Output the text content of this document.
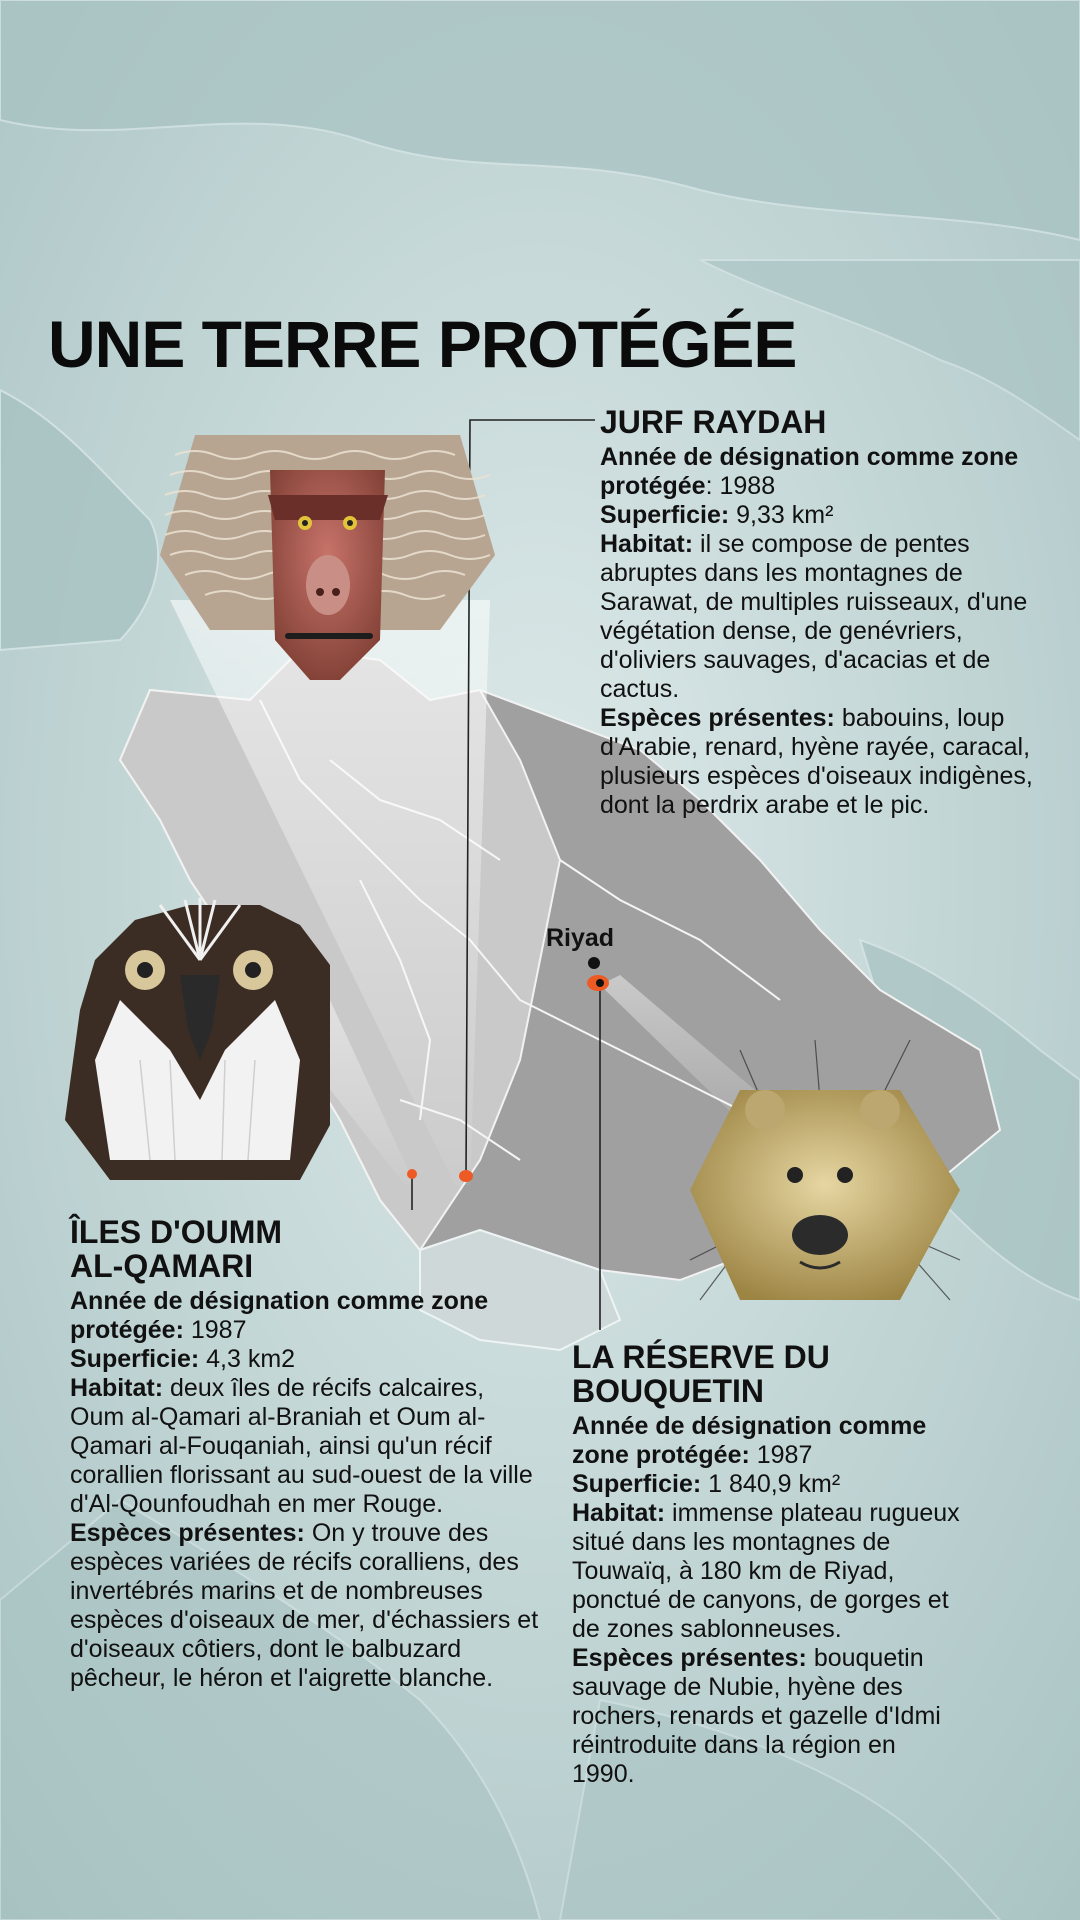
UNE TERRE PROTÉGÉE
Riyad
JURF RAYDAH
Année de désignation comme zone protégée: 1988
Superficie: 9,33 km²
Habitat: il se compose de pentes abruptes dans les montagnes de Sarawat, de multiples ruisseaux, d'une végétation dense, de genévriers, d'oliviers sauvages, d'acacias et de cactus.
Espèces présentes: babouins, loup d'Arabie, renard, hyène rayée, caracal, plusieurs espèces d'oiseaux indigènes, dont la perdrix arabe et le pic.
ÎLES D'OUMM
AL-QAMARI
Année de désignation comme zone protégée: 1987
Superficie: 4,3 km2
Habitat: deux îles de récifs calcaires, Oum al-Qamari al-Braniah et Oum al-Qamari al-Fouqaniah, ainsi qu'un récif corallien florissant au sud-ouest de la ville d'Al-Qounfoudhah en mer Rouge.
Espèces présentes: On y trouve des espèces variées de récifs coralliens, des invertébrés marins et de nombreuses espèces d'oiseaux de mer, d'échassiers et d'oiseaux côtiers, dont le balbuzard pêcheur, le héron et l'aigrette blanche.
LA RÉSERVE DU
BOUQUETIN
Année de désignation comme zone protégée: 1987
Superficie: 1 840,9 km²
Habitat: immense plateau rugueux situé dans les montagnes de Touwaïq, à 180 km de Riyad, ponctué de canyons, de gorges et de zones sablonneuses.
Espèces présentes: bouquetin sauvage de Nubie, hyène des rochers, renards et gazelle d'Idmi réintroduite dans la région en 1990.
